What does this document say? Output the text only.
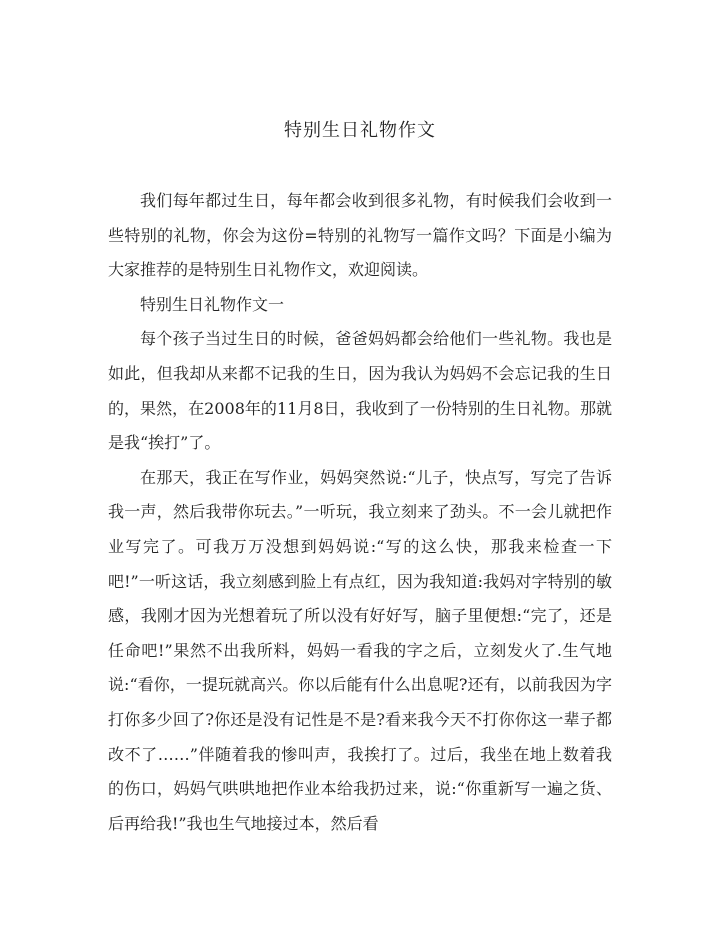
特别生日礼物作文

我们每年都过生日，每年都会收到很多礼物，有时候我们会收到一些特别的礼物，你会为这份=特别的礼物写一篇作文吗？下面是小编为大家推荐的是特别生日礼物作文，欢迎阅读。

特别生日礼物作文一

每个孩子当过生日的时候，爸爸妈妈都会给他们一些礼物。我也是如此，但我却从来都不记我的生日，因为我认为妈妈不会忘记我的生日的，果然，在2008年的11月8日，我收到了一份特别的生日礼物。那就是我“挨打”了。

在那天，我正在写作业，妈妈突然说:“儿子，快点写，写完了告诉我一声，然后我带你玩去。”一听玩，我立刻来了劲头。不一会儿就把作业写完了。可我万万没想到妈妈说:“写的这么快，那我来检查一下吧!”一听这话，我立刻感到脸上有点红，因为我知道:我妈对字特别的敏感，我刚才因为光想着玩了所以没有好好写，脑子里便想:“完了，还是任命吧!”果然不出我所料，妈妈一看我的字之后，立刻发火了.生气地说:“看你，一提玩就高兴。你以后能有什么出息呢?还有，以前我因为字打你多少回了?你还是没有记性是不是?看来我今天不打你你这一辈子都改不了……”伴随着我的惨叫声，我挨打了。过后，我坐在地上数着我的伤口，妈妈气哄哄地把作业本给我扔过来，说:“你重新写一遍之货、后再给我!”我也生气地接过本，然后看
